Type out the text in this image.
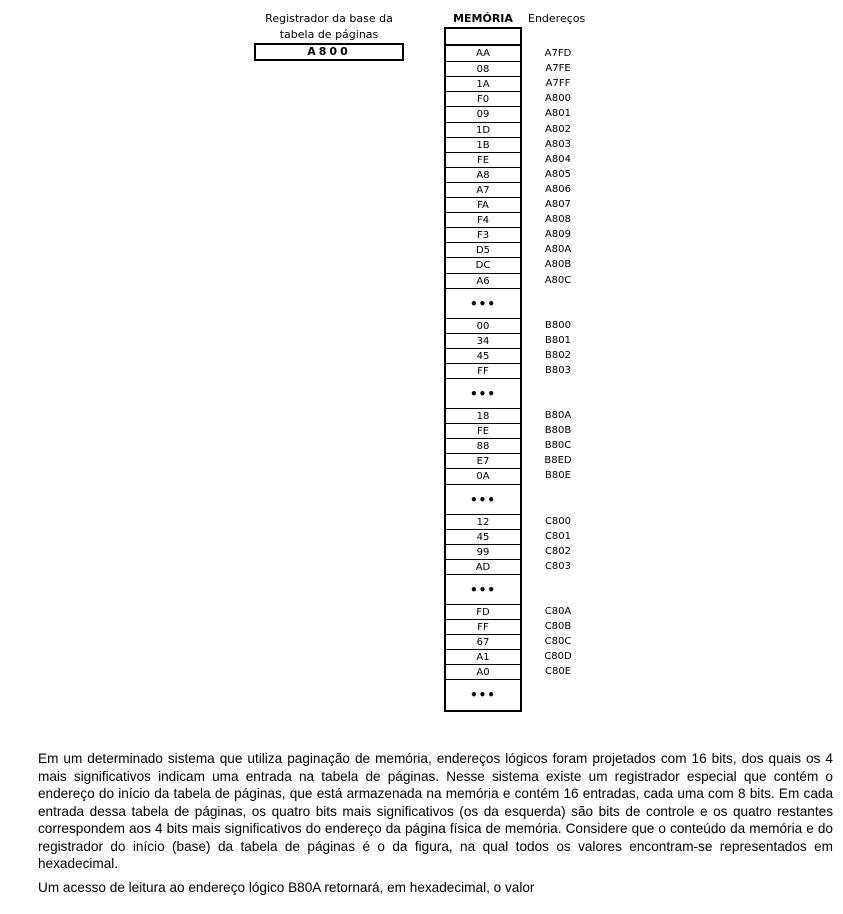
Registrador da base da
tabela de páginas
A800
MEMÓRIA	Endereços
AA
08
1A
F0
09
1D
1B
FE
A8
A7
FA
F4
F3
D5
DC
A6
•••
00
34
45
FF
•••
18
FE
88
E7
0A
•••
12
45
99
AD
•••
FD
FF
67
A1
A0
•••
A7FD
A7FE
A7FF
A800
A801
A802
A803
A804
A805
A806
A807
A808
A809
A80A
A80B
A80C
B800
B801
B802
B803
B80A
B80B
B80C
B8ED
B80E
C800
C801
C802
C803
C80A
C80B
C80C
C80D
C80E
Em um determinado sistema que utiliza paginação de memória, endereços lógicos foram projetados com 16 bits, dos quais os 4 mais significativos indicam uma entrada na tabela de páginas. Nesse sistema existe um registrador especial que contém o endereço do início da tabela de páginas, que está armazenada na memória e contém 16 entradas, cada uma com 8 bits. Em cada entrada dessa tabela de páginas, os quatro bits mais significativos (os da esquerda) são bits de controle e os quatro restantes correspondem aos 4 bits mais significativos do endereço da página física de memória. Considere que o conteúdo da memória e do registrador do início (base) da tabela de páginas é o da figura, na qual todos os valores encontram-se representados em hexadecimal.
Um acesso de leitura ao endereço lógico B80A retornará, em hexadecimal, o valor
